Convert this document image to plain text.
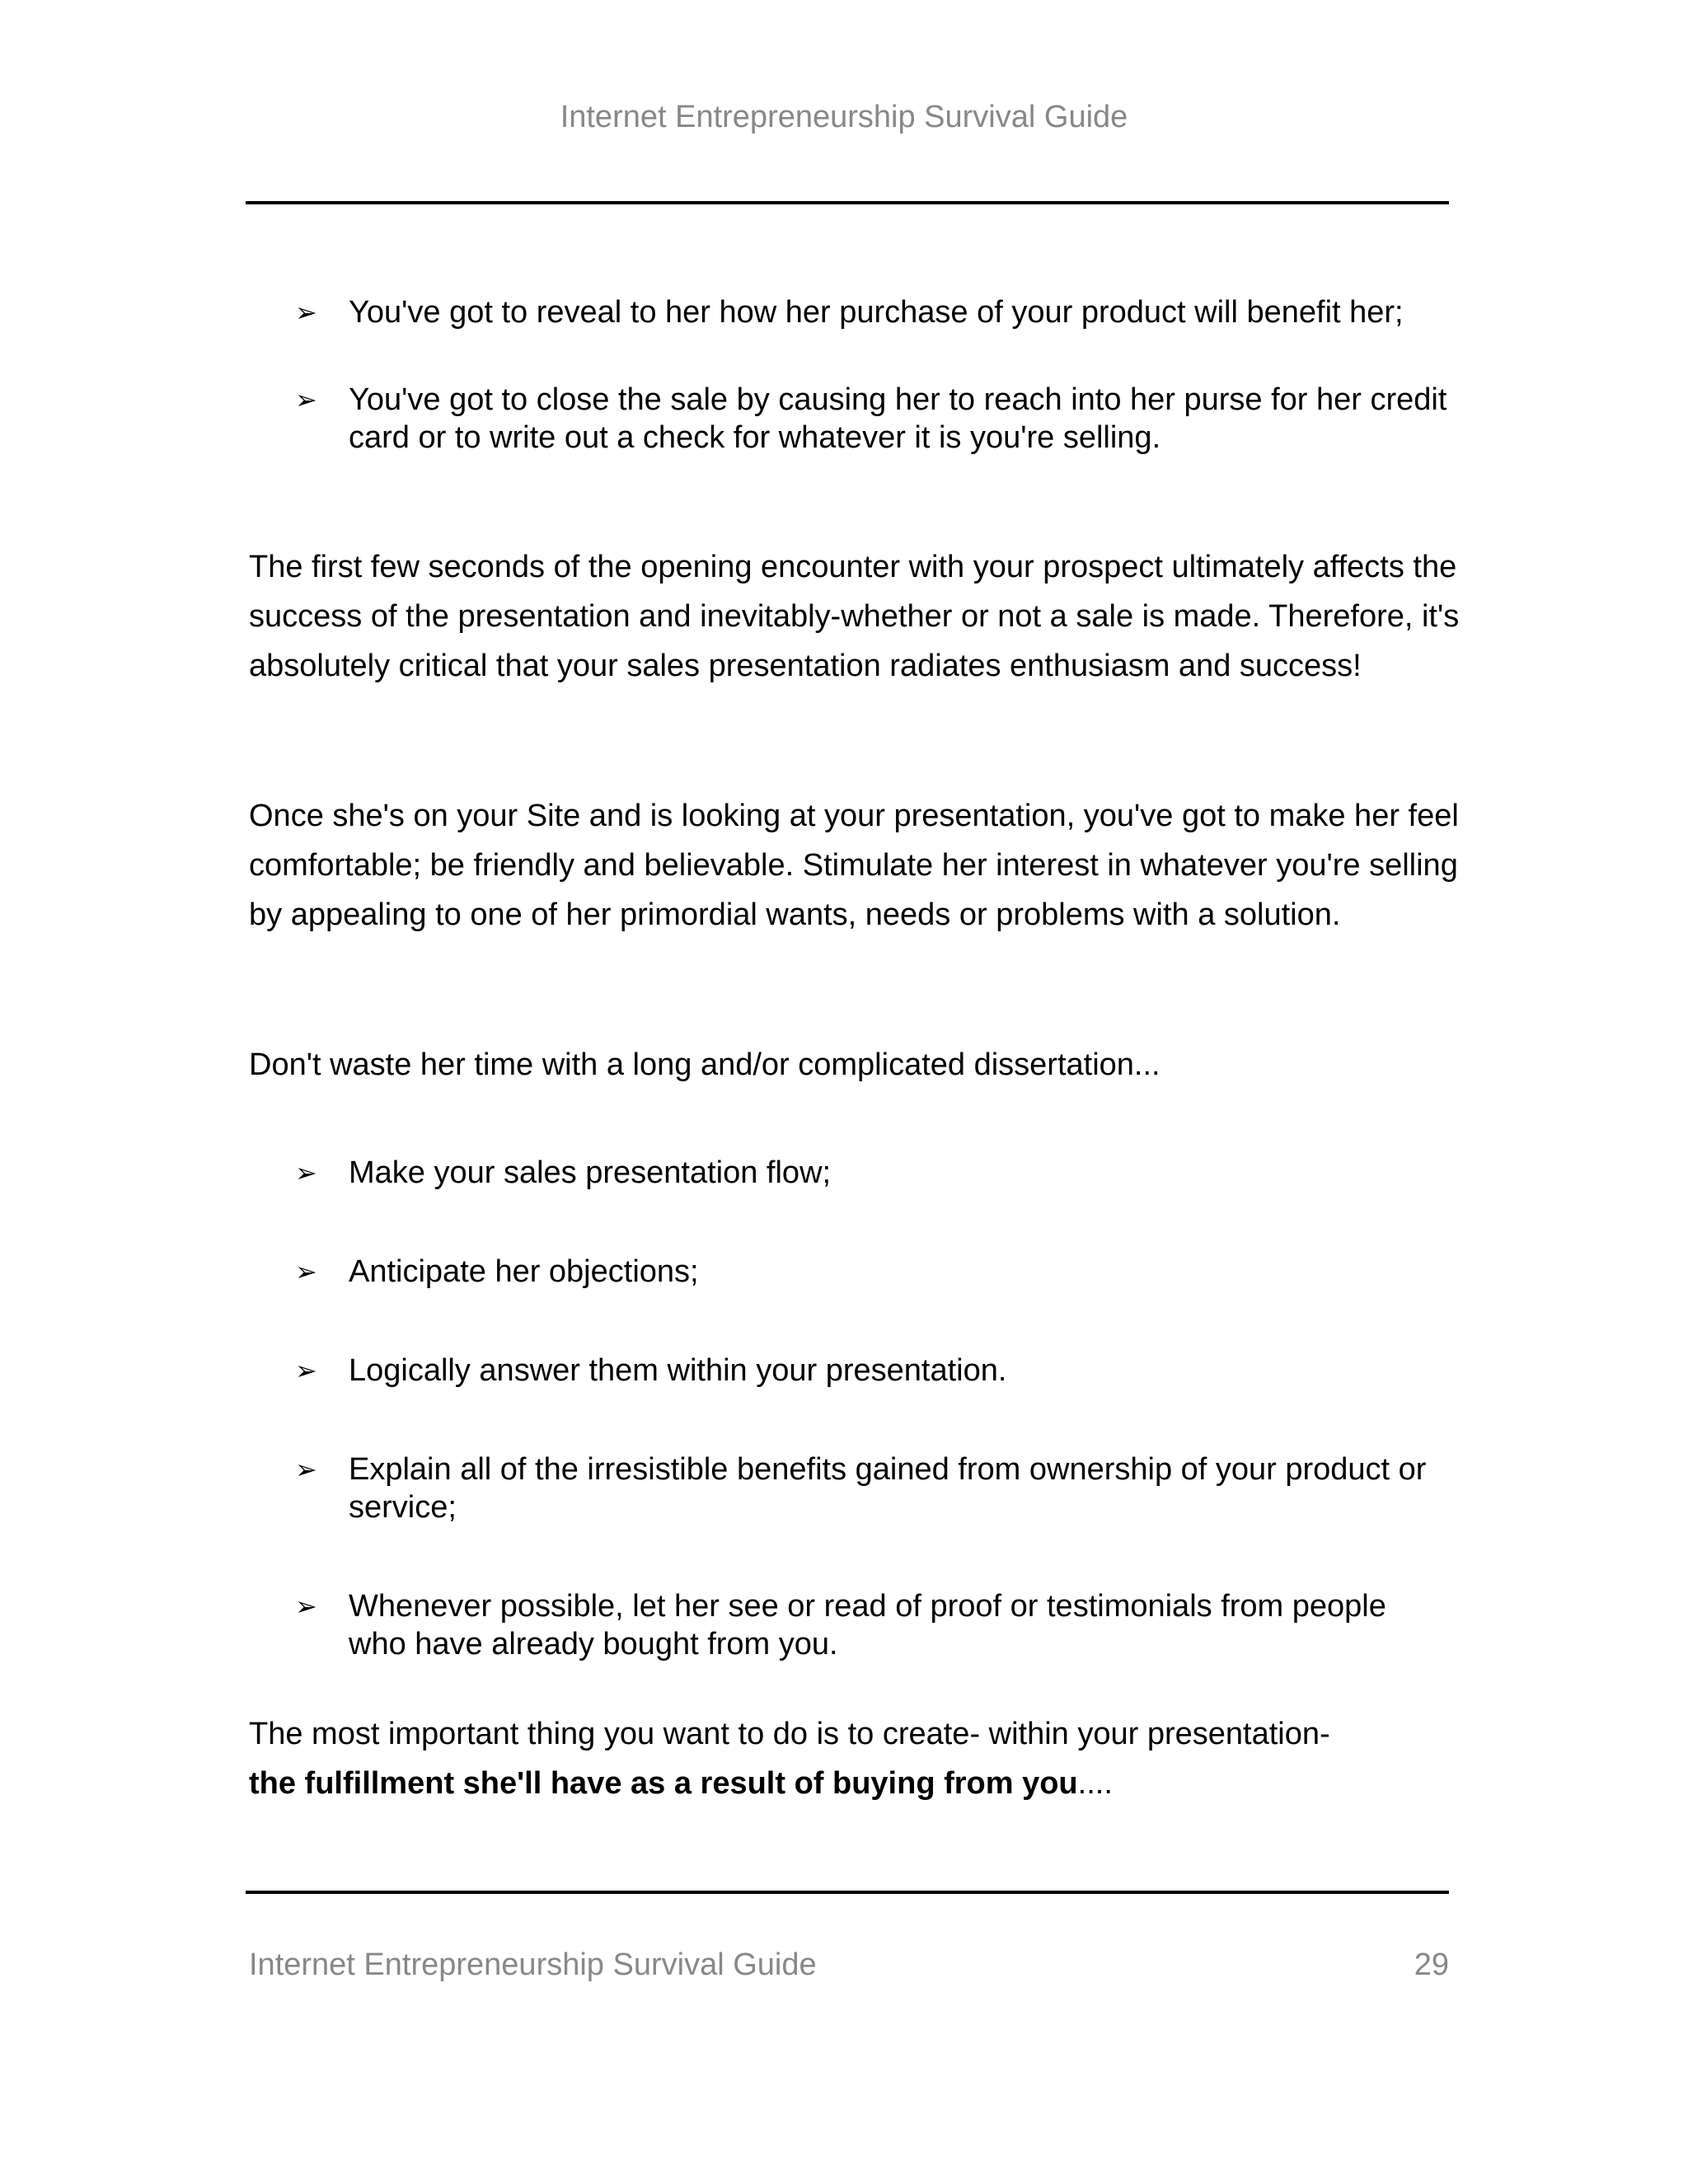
Internet Entrepreneurship Survival Guide
➢ You've got to reveal to her how her purchase of your product will benefit her;
➢ You've got to close the sale by causing her to reach into her purse for her credit card or to write out a check for whatever it is you're selling.

The first few seconds of the opening encounter with your prospect ultimately affects the success of the presentation and inevitably-whether or not a sale is made. Therefore, it's absolutely critical that your sales presentation radiates enthusiasm and success!

Once she's on your Site and is looking at your presentation, you've got to make her feel comfortable; be friendly and believable. Stimulate her interest in whatever you're selling by appealing to one of her primordial wants, needs or problems with a solution.

Don't waste her time with a long and/or complicated dissertation...

➢ Make your sales presentation flow;
➢ Anticipate her objections;
➢ Logically answer them within your presentation.
➢ Explain all of the irresistible benefits gained from ownership of your product or service;
➢ Whenever possible, let her see or read of proof or testimonials from people who have already bought from you.

The most important thing you want to do is to create- within your presentation-
the fulfillment she'll have as a result of buying from you....

Internet Entrepreneurship Survival Guide	29
